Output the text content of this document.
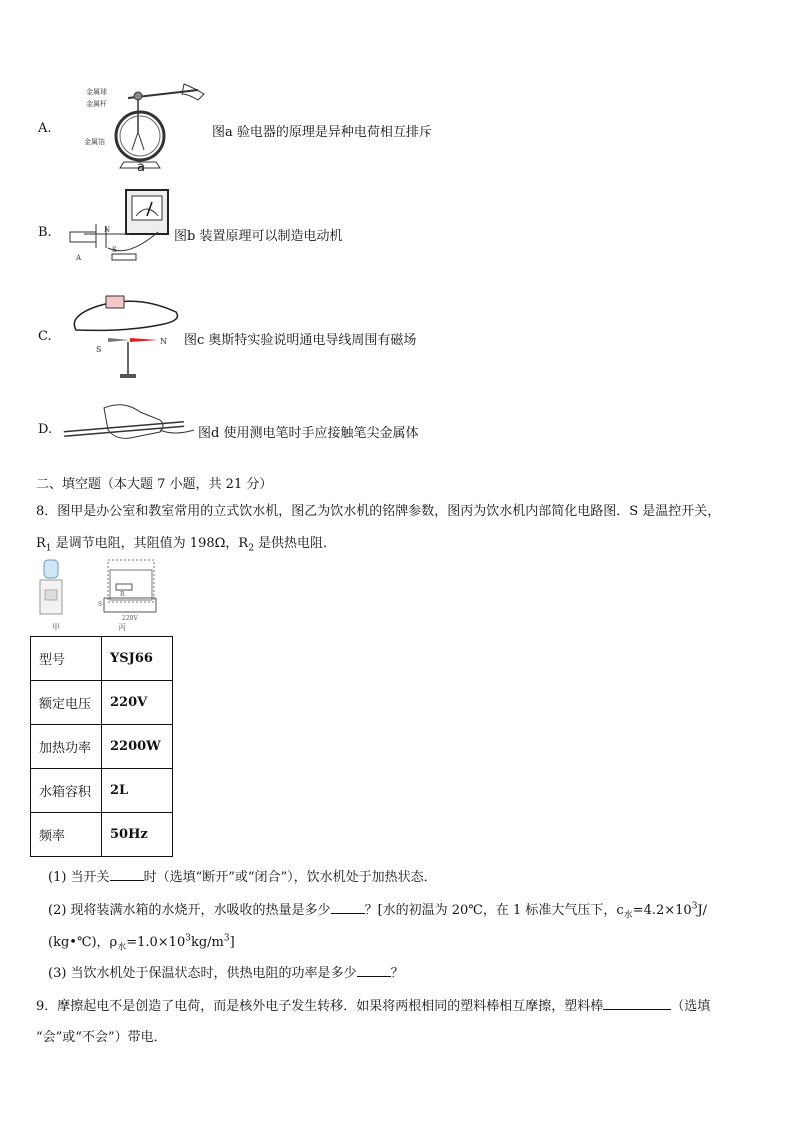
A.
金属球
金属杆
金属箔
a
图a 验电器的原理是异种电荷相互排斥
B.	N
S
A
图b 装置原理可以制造电动机
C.
S
N 图c 奥斯特实验说明通电导线周围有磁场
D.	图d 使用测电笔时手应接触笔尖金属体
二、填空题（本大题 7 小题，共 21 分）
8．图甲是办公室和教室常用的立式饮水机，图乙为饮水机的铭牌参数，图丙为饮水机内部简化电路图．S 是温控开关，
$R_1$ 是调节电阻，其阻值为 198Ω，$R_2$ 是供热电阻．
甲
S
R
220V
丙
型号	YSJ66
额定电压	220V
加热功率	2200W
水箱容积	2L
频率	50Hz
(1) 当开关	时（选填“断开”或“闭合”），饮水机处于加热状态．
(2) 现将装满水箱的水烧开，水吸收的热量是多少	？[水的初温为 20℃，在 1 标准大气压下，$c_水=4.2\times 10^3J/$
(kg•℃)，$\rho_水=1.0\times 10^3kg/m^3$]
(3) 当饮水机处于保温状态时，供热电阻的功率是多少	？
9．摩擦起电不是创造了电荷，而是核外电子发生转移．如果将两根相同的塑料棒相互摩擦，塑料棒	（选填
“会”或“不会”）带电．
